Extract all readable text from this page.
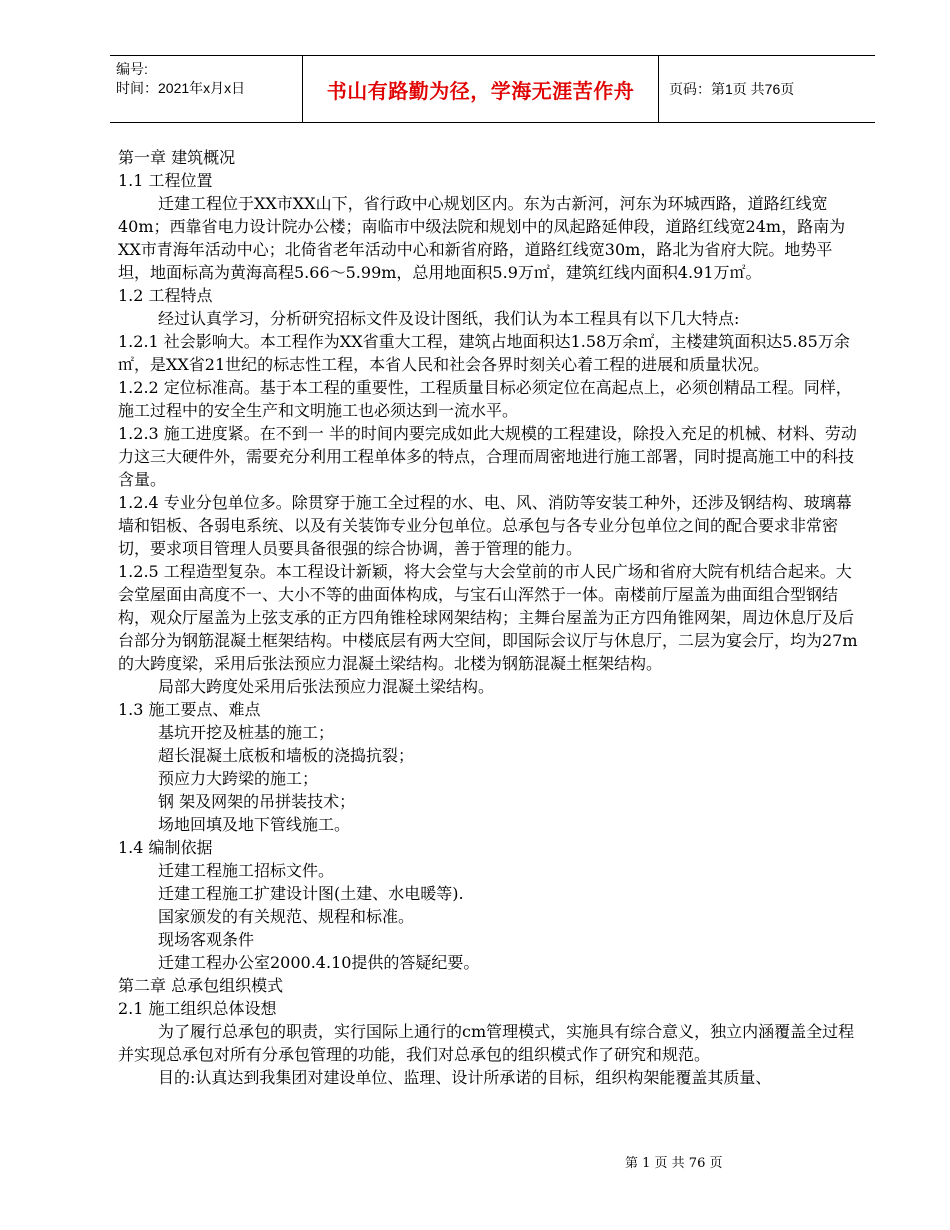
编号:
时间：2021年x月x日	书山有路勤为径，学海无涯苦作舟 页码：第1页 共76页

第一章 建筑概况

1.1 工程位置

迁建工程位于XX市XX山下，省行政中心规划区内。东为古新河，河东为环城西路，道路红线宽40m；西靠省电力设计院办公楼；南临市中级法院和规划中的凤起路延伸段，道路红线宽24m，路南为XX市青海年活动中心；北倚省老年活动中心和新省府路，道路红线宽30m，路北为省府大院。地势平坦，地面标高为黄海高程5.66～5.99m，总用地面积5.9万㎡，建筑红线内面积4.91万㎡。

1.2 工程特点

经过认真学习，分析研究招标文件及设计图纸，我们认为本工程具有以下几大特点:

1.2.1 社会影响大。本工程作为XX省重大工程，建筑占地面积达1.58万余㎡，主楼建筑面积达5.85万余㎡，是XX省21世纪的标志性工程，本省人民和社会各界时刻关心着工程的进展和质量状况。

1.2.2 定位标准高。基于本工程的重要性，工程质量目标必须定位在高起点上，必须创精品工程。同样，施工过程中的安全生产和文明施工也必须达到一流水平。

1.2.3 施工进度紧。在不到一 半的时间内要完成如此大规模的工程建设，除投入充足的机械、材料、劳动力这三大硬件外，需要充分利用工程单体多的特点，合理而周密地进行施工部署，同时提高施工中的科技含量。

1.2.4 专业分包单位多。除贯穿于施工全过程的水、电、风、消防等安装工种外，还涉及钢结构、玻璃幕墙和铝板、各弱电系统、以及有关装饰专业分包单位。总承包与各专业分包单位之间的配合要求非常密切，要求项目管理人员要具备很强的综合协调，善于管理的能力。

1.2.5 工程造型复杂。本工程设计新颖，将大会堂与大会堂前的市人民广场和省府大院有机结合起来。大会堂屋面由高度不一、大小不等的曲面体构成，与宝石山浑然于一体。南楼前厅屋盖为曲面组合型钢结构，观众厅屋盖为上弦支承的正方四角锥栓球网架结构；主舞台屋盖为正方四角锥网架，周边休息厅及后台部分为钢筋混凝土框架结构。中楼底层有两大空间，即国际会议厅与休息厅，二层为宴会厅，均为27m的大跨度梁，采用后张法预应力混凝土梁结构。北楼为钢筋混凝土框架结构。

局部大跨度处采用后张法预应力混凝土梁结构。

1.3 施工要点、难点

基坑开挖及桩基的施工；

超长混凝土底板和墙板的浇捣抗裂；

预应力大跨梁的施工；

钢 架及网架的吊拼装技术；

场地回填及地下管线施工。

1.4 编制依据

迁建工程施工招标文件。

迁建工程施工扩建设计图(土建、水电暖等).

国家颁发的有关规范、规程和标准。

现场客观条件

迁建工程办公室2000.4.10提供的答疑纪要。

第二章 总承包组织模式

2.1 施工组织总体设想

为了履行总承包的职责，实行国际上通行的cm管理模式，实施具有综合意义，独立内涵覆盖全过程并实现总承包对所有分承包管理的功能，我们对总承包的组织模式作了研究和规范。

目的:认真达到我集团对建设单位、监理、设计所承诺的目标，组织构架能覆盖其质量、

第 1 页 共 76 页
